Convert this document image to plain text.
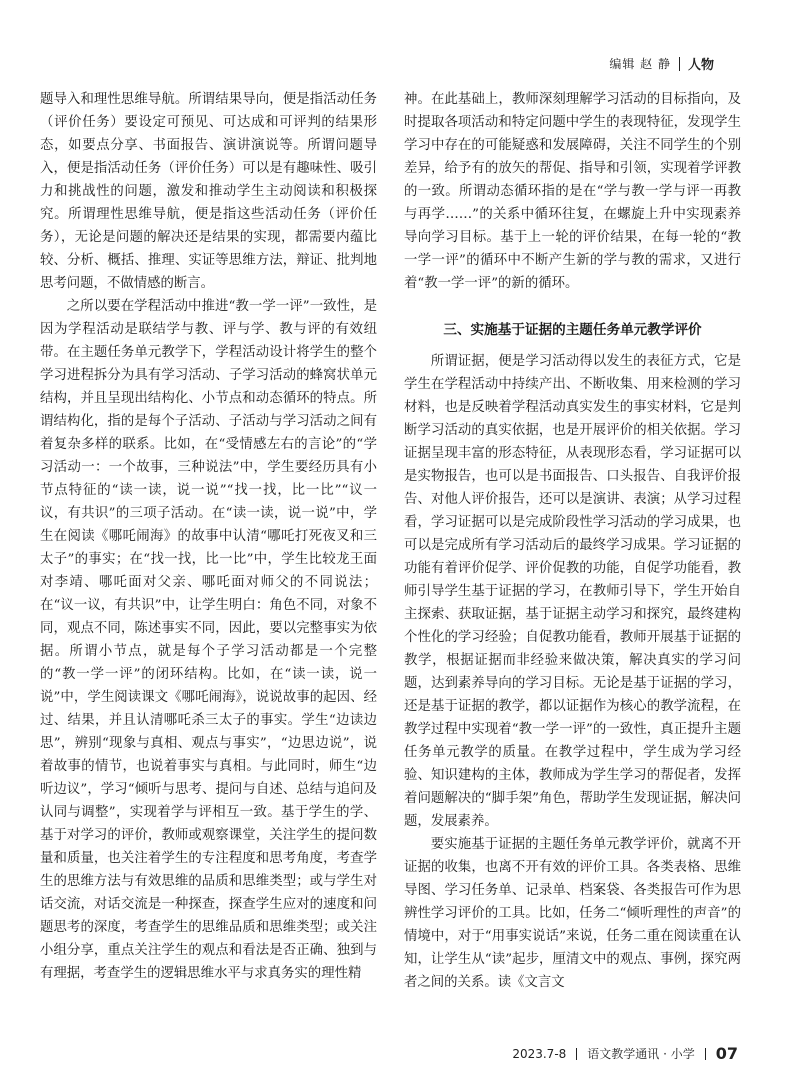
编辑 赵 静 人物

题导入和理性思维导航。所谓结果导向，便是指活动任务（评价任务）要设定可预见、可达成和可评判的结果形态，如要点分享、书面报告、演讲演说等。所谓问题导入，便是指活动任务（评价任务）可以是有趣味性、吸引力和挑战性的问题，激发和推动学生主动阅读和积极探究。所谓理性思维导航，便是指这些活动任务（评价任务），无论是问题的解决还是结果的实现，都需要内蕴比较、分析、概括、推理、实证等思维方法，辩证、批判地思考问题，不做情感的断言。

之所以要在学程活动中推进“教一学一评”一致性，是因为学程活动是联结学与教、评与学、教与评的有效纽带。在主题任务单元教学下，学程活动设计将学生的整个学习进程拆分为具有学习活动、子学习活动的蜂窝状单元结构，并且呈现出结构化、小节点和动态循环的特点。所谓结构化，指的是每个子活动、子活动与学习活动之间有着复杂多样的联系。比如，在“受情感左右的言论”的“学习活动一：一个故事，三种说法”中，学生要经历具有小节点特征的“读一读，说一说”“找一找，比一比”“议一议，有共识”的三项子活动。在“读一读，说一说”中，学生在阅读《哪吒闹海》的故事中认清“哪吒打死夜叉和三太子”的事实；在“找一找，比一比”中，学生比较龙王面对李靖、哪吒面对父亲、哪吒面对师父的不同说法；在“议一议，有共识”中，让学生明白：角色不同，对象不同，观点不同，陈述事实不同，因此，要以完整事实为依据。所谓小节点，就是每个子学习活动都是一个完整的“教一学一评”的闭环结构。比如，在“读一读，说一说”中，学生阅读课文《哪吒闹海》，说说故事的起因、经过、结果，并且认清哪吒杀三太子的事实。学生“边读边思”，辨别“现象与真相、观点与事实”，“边思边说”，说着故事的情节，也说着事实与真相。与此同时，师生“边听边议”，学习“倾听与思考、提问与自述、总结与追问及认同与调整”，实现着学与评相互一致。基于学生的学、基于对学习的评价，教师或观察课堂，关注学生的提问数量和质量，也关注着学生的专注程度和思考角度，考查学生的思维方法与有效思维的品质和思维类型；或与学生对话交流，对话交流是一种探查，探查学生应对的速度和问题思考的深度，考查学生的思维品质和思维类型；或关注小组分享，重点关注学生的观点和看法是否正确、独到与有理据，考查学生的逻辑思维水平与求真务实的理性精

神。在此基础上，教师深刻理解学习活动的目标指向，及时提取各项活动和特定问题中学生的表现特征，发现学生学习中存在的可能疑惑和发展障碍，关注不同学生的个别差异，给予有的放矢的帮促、指导和引领，实现着学评教的一致。所谓动态循环指的是在“学与教一学与评一再教与再学……”的关系中循环往复，在螺旋上升中实现素养导向学习目标。基于上一轮的评价结果，在每一轮的“教一学一评”的循环中不断产生新的学与教的需求，又进行着“教一学一评”的新的循环。

三、实施基于证据的主题任务单元教学评价

所谓证据，便是学习活动得以发生的表征方式，它是学生在学程活动中持续产出、不断收集、用来检测的学习材料，也是反映着学程活动真实发生的事实材料，它是判断学习活动的真实依据，也是开展评价的相关依据。学习证据呈现丰富的形态特征，从表现形态看，学习证据可以是实物报告，也可以是书面报告、口头报告、自我评价报告、对他人评价报告，还可以是演讲、表演；从学习过程看，学习证据可以是完成阶段性学习活动的学习成果，也可以是完成所有学习活动后的最终学习成果。学习证据的功能有着评价促学、评价促教的功能，自促学功能看，教师引导学生基于证据的学习，在教师引导下，学生开始自主探索、获取证据，基于证据主动学习和探究，最终建构个性化的学习经验；自促教功能看，教师开展基于证据的教学，根据证据而非经验来做决策，解决真实的学习问题，达到素养导向的学习目标。无论是基于证据的学习，还是基于证据的教学，都以证据作为核心的教学流程，在教学过程中实现着“教一学一评”的一致性，真正提升主题任务单元教学的质量。在教学过程中，学生成为学习经验、知识建构的主体，教师成为学生学习的帮促者，发挥着问题解决的“脚手架”角色，帮助学生发现证据，解决问题，发展素养。

要实施基于证据的主题任务单元教学评价，就离不开证据的收集，也离不开有效的评价工具。各类表格、思维导图、学习任务单、记录单、档案袋、各类报告可作为思辨性学习评价的工具。比如，任务二“倾听理性的声音”的情境中，对于“用事实说话”来说，任务二重在阅读重在认知，让学生从“读”起步，厘清文中的观点、事例，探究两者之间的关系。读《文言文

2023.7-8 语文教学通讯 · 小学 07
